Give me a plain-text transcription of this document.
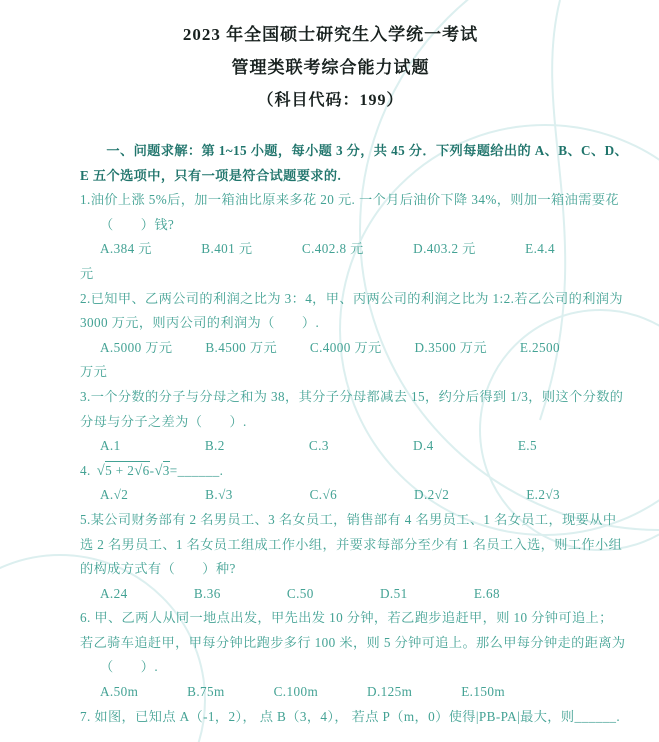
2023 年全国硕士研究生入学统一考试
管理类联考综合能力试题
（科目代码：199）
一、问题求解：第 1~15 小题，每小题 3 分，共 45 分．下列每题给出的 A、B、C、D、
E 五个选项中，只有一项是符合试题要求的.
1.油价上涨 5%后，加一箱油比原来多花 20 元. 一个月后油价下降 34%，则加一箱油需要花
（　　）钱?
A.384 元	B.401 元	C.402.8 元	D.403.2 元	E.4.4
元
2.已知甲、乙两公司的利润之比为 3：4，甲、丙两公司的利润之比为 1:2.若乙公司的利润为
3000 万元，则丙公司的利润为（　　）.
A.5000 万元 B.4500 万元 C.4000 万元 D.3500 万元 E.2500
万元
3.一个分数的分子与分母之和为 38，其分子分母都减去 15，约分后得到 1/3，则这个分数的
分母与分子之差为（　　）.
A.1	B.2	C.3	D.4	E.5
4. √5 + 2√6-√3=______.
A.√2	B.√3	C.√6	D.2√2	E.2√3
5.某公司财务部有 2 名男员工、3 名女员工，销售部有 4 名男员工、1 名女员工，现要从中
选 2 名男员工、1 名女员工组成工作小组，并要求每部分至少有 1 名员工入选，则工作小组
的构成方式有（　　）种?
A.24	B.36	C.50	D.51	E.68
6. 甲、乙两人从同一地点出发，甲先出发 10 分钟，若乙跑步追赶甲，则 10 分钟可追上；
若乙骑车追赶甲，甲每分钟比跑步多行 100 米，则 5 分钟可追上。那么甲每分钟走的距离为
（　　）.
A.50m	B.75m	C.100m	D.125m	E.150m
7. 如图，已知点 A（-1，2）， 点 B（3，4）， 若点 P（m，0）使得|PB-PA|最大，则______.
